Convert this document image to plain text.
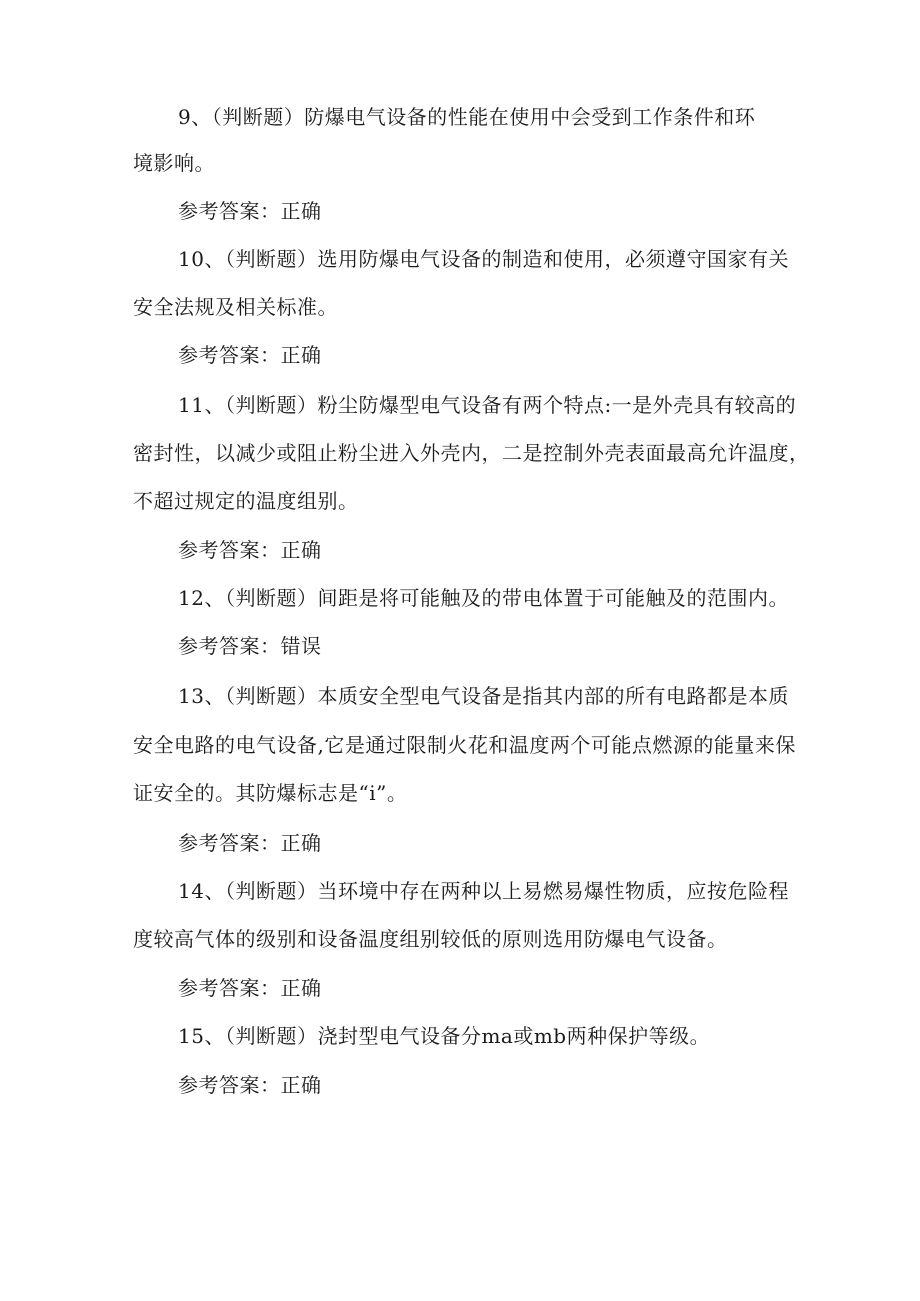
9、（判断题）防爆电气设备的性能在使用中会受到工作条件和环
境影响。
参考答案：正确
10、（判断题）选用防爆电气设备的制造和使用，必须遵守国家有关
安全法规及相关标准。
参考答案：正确
11、（判断题）粉尘防爆型电气设备有两个特点:一是外壳具有较高的
密封性，以减少或阻止粉尘进入外壳内，二是控制外壳表面最高允许温度，
不超过规定的温度组别。
参考答案：正确
12、（判断题）间距是将可能触及的带电体置于可能触及的范围内。
参考答案：错误
13、（判断题）本质安全型电气设备是指其内部的所有电路都是本质
安全电路的电气设备,它是通过限制火花和温度两个可能点燃源的能量来保
证安全的。其防爆标志是“i”。
参考答案：正确
14、（判断题）当环境中存在两种以上易燃易爆性物质，应按危险程
度较高气体的级别和设备温度组别较低的原则选用防爆电气设备。
参考答案：正确
15、（判断题）浇封型电气设备分ma或mb两种保护等级。
参考答案：正确
